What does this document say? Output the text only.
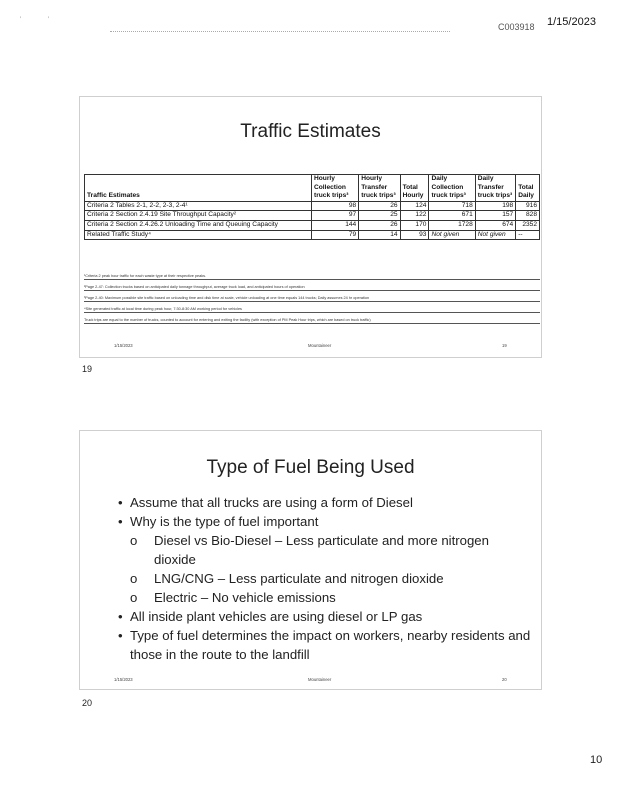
′	′
C003918 1/15/2023
Traffic Estimates
Traffic Estimates	Hourly Collection truck trips³	Hourly Transfer truck trips³	Total Hourly	Daily Collection truck trips³	Daily Transfer truck trips³	Total Daily
Criteria 2 Tables 2-1, 2-2, 2-3, 2-4¹	98	26	124	718	198	916
Criteria 2 Section 2.4.19 Site Throughput Capacity²	97	25	122	671	157	828
Criteria 2 Section 2.4.26.2 Unloading Time and Queuing Capacity	144	26	170	1728	674	2352
Related Traffic Study⁴	79	14	93	Not given	Not given	--
¹Criteria 2 peak hour traffic for each waste type at their respective peaks.
²Page 2-47: Collection trucks based on anticipated daily tonnage throughput, average truck load, and anticipated hours of operation
³Page 2-40: Maximum possible site traffic based on unloading time and disk time at scale, vehicle unloading at one time equals 144 trucks; Daily assumes 24 hr operation
⁴Site generated traffic at local time during peak hour, 7:30-8:30 AM working period for vehicles
Truck trips are equal to the number of trucks, counted to account for entering and exiting the facility (with exception of PM Peak Hour trips, which are based on truck traffic)
1/15/2023	Mountaineer	19
19
Type of Fuel Being Used
• Assume that all trucks are using a form of Diesel
• Why is the type of fuel important
o Diesel vs Bio-Diesel – Less particulate and more nitrogen dioxide
o LNG/CNG – Less particulate and nitrogen dioxide
o Electric – No vehicle emissions
• All inside plant vehicles are using diesel or LP gas
• Type of fuel determines the impact on workers, nearby residents and those in the route to the landfill
1/15/2023	Mountaineer	20
20
10
